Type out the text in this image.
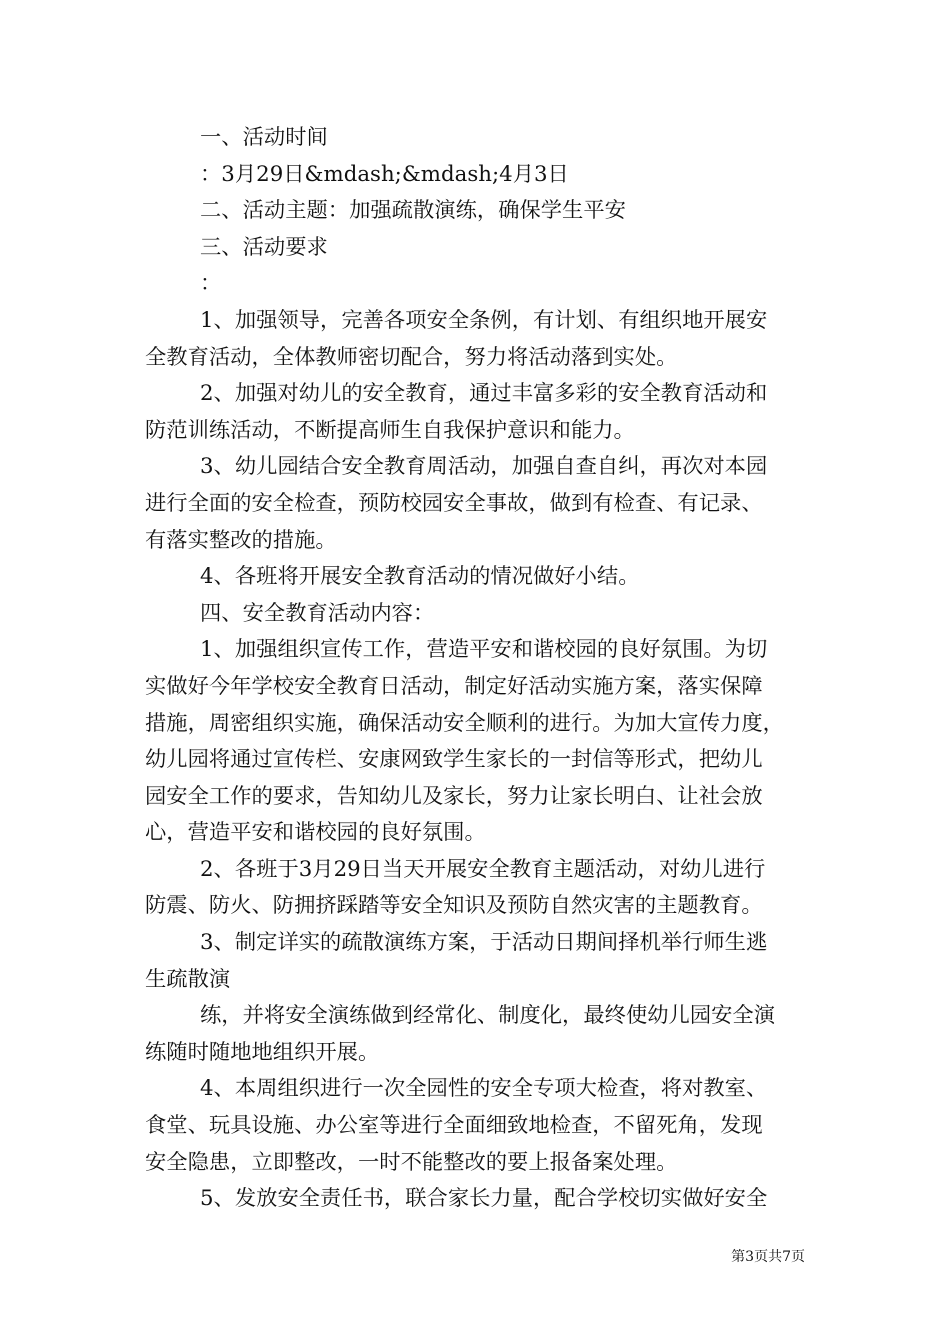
一、活动时间
：3月29日&mdash;&mdash;4月3日
二、活动主题：加强疏散演练，确保学生平安
三、活动要求
：
1、加强领导，完善各项安全条例，有计划、有组织地开展安
全教育活动，全体教师密切配合，努力将活动落到实处。
2、加强对幼儿的安全教育，通过丰富多彩的安全教育活动和
防范训练活动，不断提高师生自我保护意识和能力。
3、幼儿园结合安全教育周活动，加强自查自纠，再次对本园
进行全面的安全检查，预防校园安全事故，做到有检查、有记录、
有落实整改的措施。
4、各班将开展安全教育活动的情况做好小结。
四、安全教育活动内容：
1、加强组织宣传工作，营造平安和谐校园的良好氛围。为切
实做好今年学校安全教育日活动，制定好活动实施方案，落实保障
措施，周密组织实施，确保活动安全顺利的进行。为加大宣传力度，
幼儿园将通过宣传栏、安康网致学生家长的一封信等形式，把幼儿
园安全工作的要求，告知幼儿及家长，努力让家长明白、让社会放
心，营造平安和谐校园的良好氛围。
2、各班于3月29日当天开展安全教育主题活动，对幼儿进行
防震、防火、防拥挤踩踏等安全知识及预防自然灾害的主题教育。
3、制定详实的疏散演练方案，于活动日期间择机举行师生逃
生疏散演
练，并将安全演练做到经常化、制度化，最终使幼儿园安全演
练随时随地地组织开展。
4、本周组织进行一次全园性的安全专项大检查，将对教室、
食堂、玩具设施、办公室等进行全面细致地检查，不留死角，发现
安全隐患，立即整改，一时不能整改的要上报备案处理。
5、发放安全责任书，联合家长力量，配合学校切实做好安全
第3页共7页
